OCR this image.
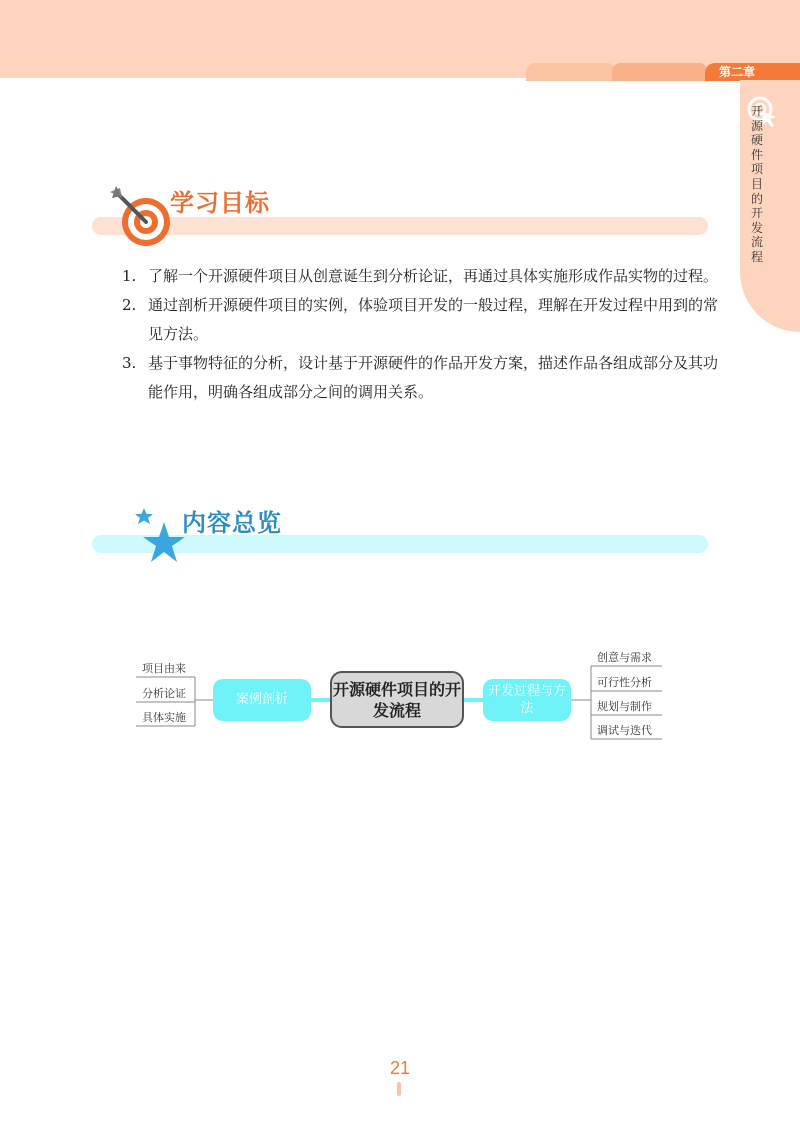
第二章
开源硬件项目的开发流程
学习目标
1. 了解一个开源硬件项目从创意诞生到分析论证，再通过具体实施形成作品实物的过程。
2. 通过剖析开源硬件项目的实例，体验项目开发的一般过程，理解在开发过程中用到的常见方法。
3. 基于事物特征的分析，设计基于开源硬件的作品开发方案，描述作品各组成部分及其功能作用，明确各组成部分之间的调用关系。
内容总览
开源硬件项目的开发流程
案例剖析
开发过程与方法
项目由来
分析论证
具体实施
创意与需求
可行性分析
规划与制作
调试与迭代
21
